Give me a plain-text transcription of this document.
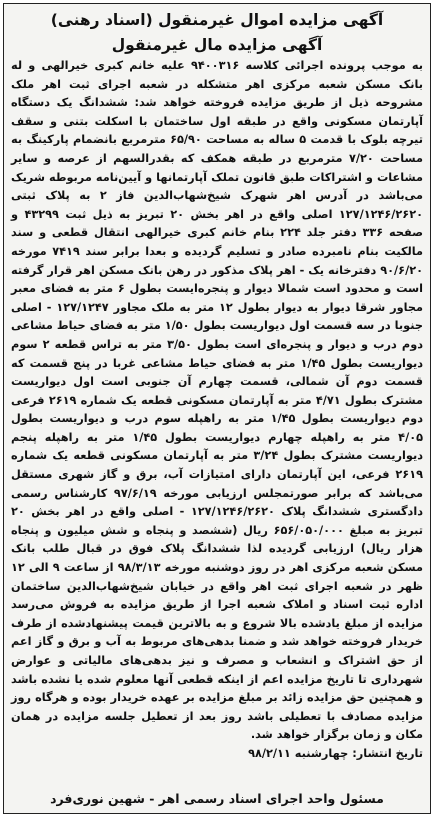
آگهی مزایده اموال غیرمنقول (اسناد رهنی)
آگهی مزایده مال غیرمنقول
به موجب پرونده اجرائی کلاسه ۹۴۰۰۳۱۶ علیه خانم کبری خیرالهی و له بانک مسکن شعبه مرکزی اهر متشکله در شعبه اجرای ثبت اهر ملک مشروحه ذیل از طریق مزایده فروخته خواهد شد: ششدانگ یک دستگاه آپارتمان مسکونی واقع در طبقه اول ساختمان با اسکلت بتنی و سقف تیرچه بلوک با قدمت ۵ ساله به مساحت ۶۵/۹۰ مترمربع بانضمام پارکینگ به مساحت ۷/۲۰ مترمربع در طبقه همکف که بقدرالسهم از عرصه و سایر مشاعات و اشتراکات طبق قانون تملک آپارتمانها و آیین‌نامه مربوطه شریک می‌باشد در آدرس اهر شهرک شیخ‌شهاب‌الدین فاز ۲ به پلاک ثبتی ۱۲۷/۱۲۴۶/۲۶۲۰ اصلی واقع در اهر بخش ۲۰ تبریز به ذیل ثبت ۴۳۲۹۹ و صفحه ۳۳۶ دفتر جلد ۲۲۴ بنام خانم کبری خیرالهی انتقال قطعی و سند مالکیت بنام نامبرده صادر و تسلیم گردیده و بعدا برابر سند ۷۴۱۹ مورخه ۹۰/۶/۲۰ دفترخانه یک - اهر پلاک مذکور در رهن بانک مسکن اهر قرار گرفته است و محدود است شمالا دیوار و پنجره‌ایست بطول ۶ متر به فضای معبر مجاور شرقا دیوار به دیوار بطول ۱۲ متر به ملک مجاور ۱۲۷/۱۲۴۷ - اصلی جنوبا در سه قسمت اول دیواریست بطول ۱/۵۰ متر به فضای حیاط مشاعی دوم درب و دیوار و پنجره‌ای است بطول ۳/۵۰ متر به تراس قطعه ۲ سوم دیواریست بطول ۱/۴۵ متر به فضای حیاط مشاعی غربا در پنج قسمت که قسمت دوم آن شمالی، قسمت چهارم آن جنوبی است اول دیواریست مشترک بطول ۴/۷۱ متر به آپارتمان مسکونی قطعه یک شماره ۲۶۱۹ فرعی دوم دیواریست بطول ۱/۴۵ متر به راهپله سوم درب و دیواریست بطول ۴/۰۵ متر به راهپله چهارم دیواریست بطول ۱/۴۵ متر به راهپله پنجم دیواریست مشترک بطول ۳/۲۴ متر به آپارتمان مسکونی قطعه یک شماره ۲۶۱۹ فرعی، این آپارتمان دارای امتیازات آب، برق و گاز شهری مستقل می‌باشد که برابر صورتمجلس ارزیابی مورخه ۹۷/۶/۱۹ کارشناس رسمی دادگستری ششدانگ پلاک ۱۲۷/۱۲۴۶/۲۶۲۰ - اصلی واقع در اهر بخش ۲۰ تبریز به مبلغ ۶۵۶/۰۵۰/۰۰۰ ریال (ششصد و پنجاه و شش میلیون و پنجاه هزار ریال) ارزیابی گردیده لذا ششدانگ پلاک فوق در قبال طلب بانک مسکن شعبه مرکزی اهر در روز دوشنبه مورخه ۹۸/۳/۱۳ از ساعت ۹ الی ۱۲ ظهر در شعبه اجرای ثبت اهر واقع در خیابان شیخ‌شهاب‌الدین ساختمان اداره ثبت اسناد و املاک شعبه اجرا از طریق مزایده به فروش می‌رسد مزایده از مبلغ یادشده بالا شروع و به بالاترین قیمت پیشنهادشده از طرف خریدار فروخته خواهد شد و ضمنا بدهی‌های مربوط به آب و برق و گاز اعم از حق اشتراک و انشعاب و مصرف و نیز بدهی‌های مالیاتی و عوارض شهرداری تا تاریخ مزایده اعم از اینکه قطعی آنها معلوم شده یا نشده باشد و همچنین حق مزایده زائد بر مبلغ مزایده بر عهده خریدار بوده و هرگاه روز مزایده مصادف با تعطیلی باشد روز بعد از تعطیل جلسه مزایده در همان مکان و زمان برگزار خواهد شد.
تاریخ انتشار: چهارشنبه ۹۸/۲/۱۱
مسئول واحد اجرای اسناد رسمی اهر - شهین نوری‌فرد
